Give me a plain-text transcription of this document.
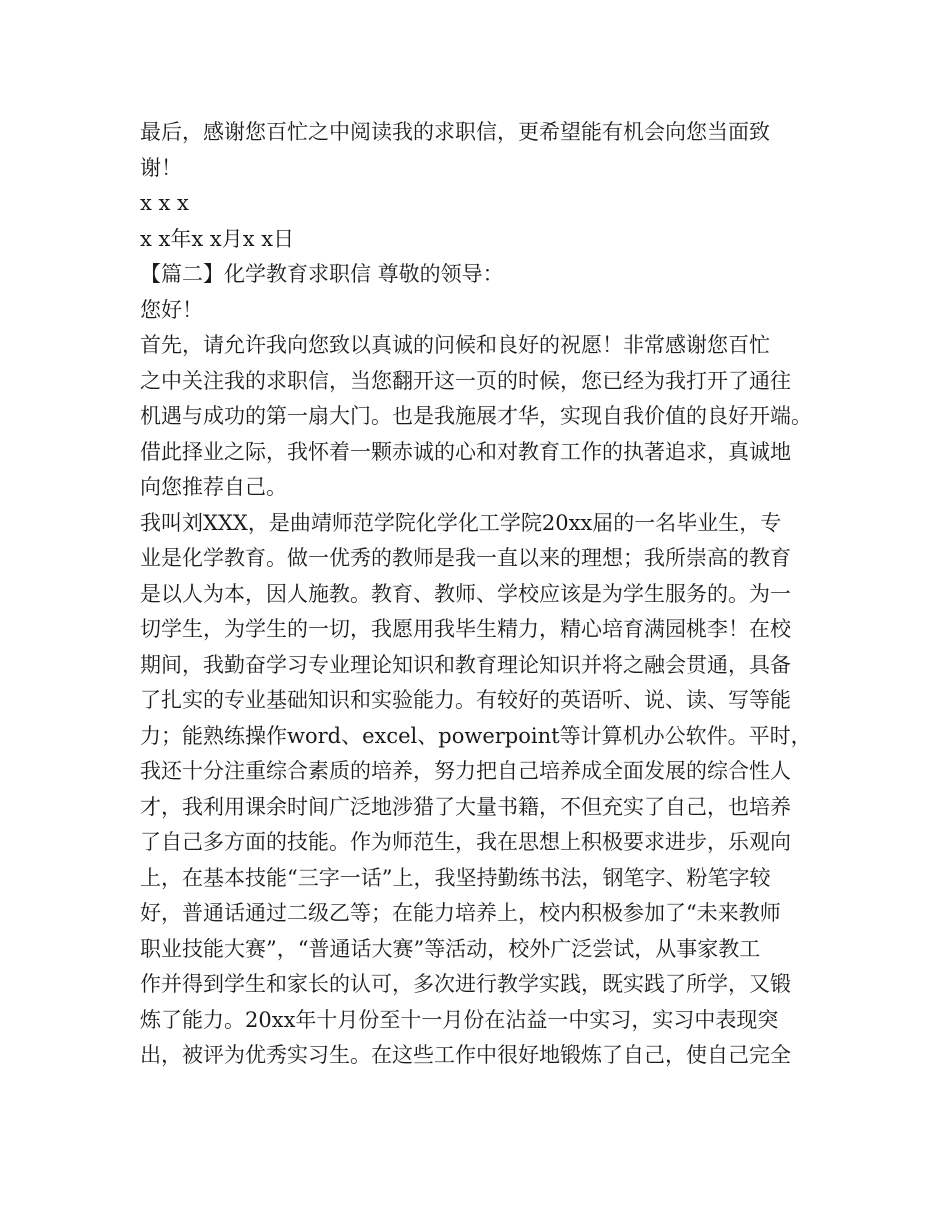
最后，感谢您百忙之中阅读我的求职信，更希望能有机会向您当面致
谢！
x x x
x x年x x月x x日
【篇二】化学教育求职信 尊敬的领导：
您好！
首先，请允许我向您致以真诚的问候和良好的祝愿！非常感谢您百忙
之中关注我的求职信，当您翻开这一页的时候，您已经为我打开了通往
机遇与成功的第一扇大门。也是我施展才华，实现自我价值的良好开端。
借此择业之际，我怀着一颗赤诚的心和对教育工作的执著追求，真诚地
向您推荐自己。
我叫刘XXX，是曲靖师范学院化学化工学院20xx届的一名毕业生，专
业是化学教育。做一优秀的教师是我一直以来的理想；我所崇高的教育
是以人为本，因人施教。教育、教师、学校应该是为学生服务的。为一
切学生，为学生的一切，我愿用我毕生精力，精心培育满园桃李！在校
期间，我勤奋学习专业理论知识和教育理论知识并将之融会贯通，具备
了扎实的专业基础知识和实验能力。有较好的英语听、说、读、写等能
力；能熟练操作word、excel、powerpoint等计算机办公软件。平时，
我还十分注重综合素质的培养，努力把自己培养成全面发展的综合性人
才，我利用课余时间广泛地涉猎了大量书籍，不但充实了自己，也培养
了自己多方面的技能。作为师范生，我在思想上积极要求进步，乐观向
上，在基本技能“三字一话”上，我坚持勤练书法，钢笔字、粉笔字较
好，普通话通过二级乙等；在能力培养上，校内积极参加了“未来教师
职业技能大赛”，“普通话大赛”等活动，校外广泛尝试，从事家教工
作并得到学生和家长的认可，多次进行教学实践，既实践了所学，又锻
炼了能力。20xx年十月份至十一月份在沾益一中实习，实习中表现突
出，被评为优秀实习生。在这些工作中很好地锻炼了自己，使自己完全
